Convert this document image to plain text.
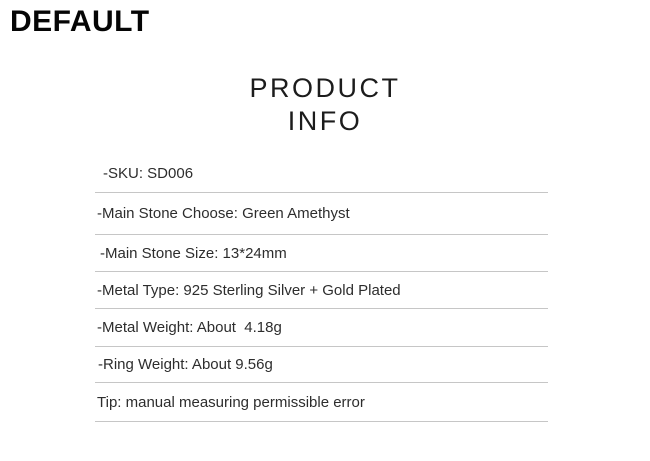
DEFAULT
PRODUCT
INFO
-SKU: SD006
-Main Stone Choose: Green Amethyst
-Main Stone Size: 13*24mm
-Metal Type: 925 Sterling Silver + Gold Plated
-Metal Weight: About  4.18g
-Ring Weight: About 9.56g
Tip: manual measuring permissible error
